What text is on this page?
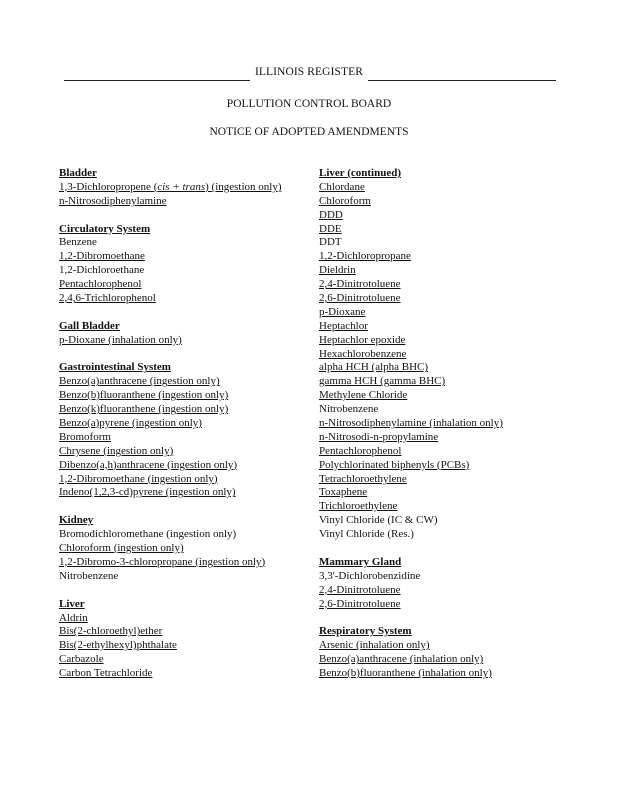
ILLINOIS REGISTER
POLLUTION CONTROL BOARD
NOTICE OF ADOPTED AMENDMENTS
Bladder
1,3-Dichloropropene (cis + trans) (ingestion only)
n-Nitrosodiphenylamine
Circulatory System
Benzene
1,2-Dibromoethane
1,2-Dichloroethane
Pentachlorophenol
2,4,6-Trichlorophenol
Gall Bladder
p-Dioxane (inhalation only)
Gastrointestinal System
Benzo(a)anthracene (ingestion only)
Benzo(b)fluoranthene (ingestion only)
Benzo(k)fluoranthene (ingestion only)
Benzo(a)pyrene (ingestion only)
Bromoform
Chrysene (ingestion only)
Dibenzo(a,h)anthracene (ingestion only)
1,2-Dibromoethane (ingestion only)
Indeno(1,2,3-cd)pyrene (ingestion only)
Kidney
Bromodichloromethane (ingestion only)
Chloroform (ingestion only)
1,2-Dibromo-3-chloropropane (ingestion only)
Nitrobenzene
Liver
Aldrin
Bis(2-chloroethyl)ether
Bis(2-ethylhexyl)phthalate
Carbazole
Carbon Tetrachloride
Liver (continued)
Chlordane
Chloroform
DDD
DDE
DDT
1,2-Dichloropropane
Dieldrin
2,4-Dinitrotoluene
2,6-Dinitrotoluene
p-Dioxane
Heptachlor
Heptachlor epoxide
Hexachlorobenzene
alpha HCH (alpha BHC)
gamma HCH (gamma BHC)
Methylene Chloride
Nitrobenzene
n-Nitrosodiphenylamine (inhalation only)
n-Nitrosodi-n-propylamine
Pentachlorophenol
Polychlorinated biphenyls (PCBs)
Tetrachloroethylene
Toxaphene
Trichloroethylene
Vinyl Chloride (IC & CW)
Vinyl Chloride (Res.)
Mammary Gland
3,3'-Dichlorobenzidine
2,4-Dinitrotoluene
2,6-Dinitrotoluene
Respiratory System
Arsenic (inhalation only)
Benzo(a)anthracene (inhalation only)
Benzo(b)fluoranthene (inhalation only)
